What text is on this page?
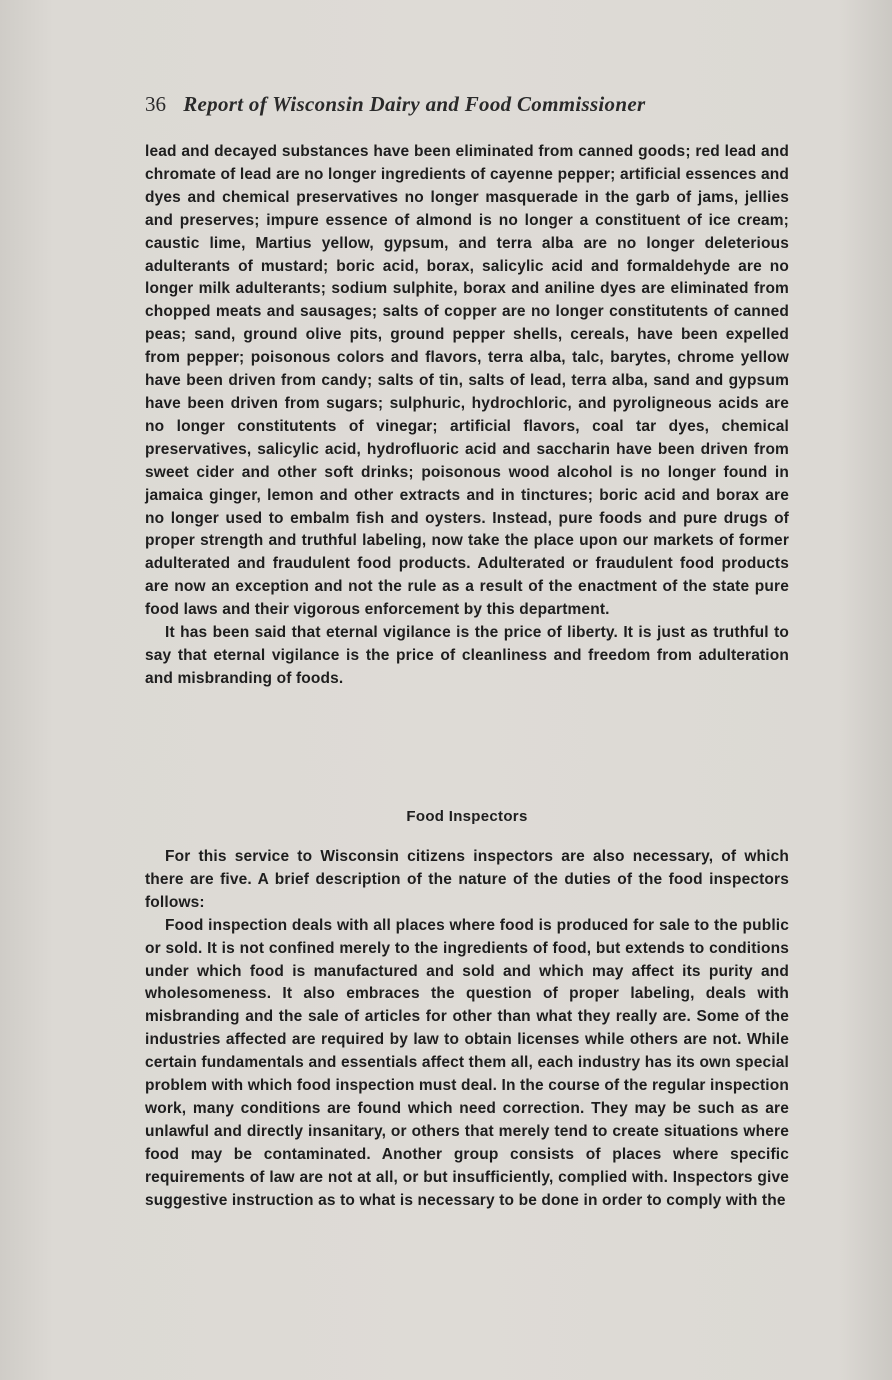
36 Report of Wisconsin Dairy and Food Commissioner

lead and decayed substances have been eliminated from canned goods; red lead and chromate of lead are no longer ingredients of cayenne pepper; artificial essences and dyes and chemical preservatives no longer masquerade in the garb of jams, jellies and preserves; impure essence of almond is no longer a constituent of ice cream; caustic lime, Martius yellow, gypsum, and terra alba are no longer deleterious adulterants of mustard; boric acid, borax, salicylic acid and formaldehyde are no longer milk adulterants; sodium sulphite, borax and aniline dyes are eliminated from chopped meats and sausages; salts of copper are no longer constitutents of canned peas; sand, ground olive pits, ground pepper shells, cereals, have been expelled from pepper; poisonous colors and flavors, terra alba, talc, barytes, chrome yellow have been driven from candy; salts of tin, salts of lead, terra alba, sand and gypsum have been driven from sugars; sulphuric, hydrochloric, and pyroligneous acids are no longer constitutents of vinegar; artificial flavors, coal tar dyes, chemical preservatives, salicylic acid, hydrofluoric acid and saccharin have been driven from sweet cider and other soft drinks; poisonous wood alcohol is no longer found in jamaica ginger, lemon and other extracts and in tinctures; boric acid and borax are no longer used to embalm fish and oysters. Instead, pure foods and pure drugs of proper strength and truthful labeling, now take the place upon our markets of former adulterated and fraudulent food products. Adulterated or fraudulent food products are now an exception and not the rule as a result of the enactment of the state pure food laws and their vigorous enforcement by this department.

It has been said that eternal vigilance is the price of liberty. It is just as truthful to say that eternal vigilance is the price of cleanliness and freedom from adulteration and misbranding of foods.

Food Inspectors

For this service to Wisconsin citizens inspectors are also necessary, of which there are five. A brief description of the nature of the duties of the food inspectors follows:

Food inspection deals with all places where food is produced for sale to the public or sold. It is not confined merely to the ingredients of food, but extends to conditions under which food is manufactured and sold and which may affect its purity and wholesomeness. It also embraces the question of proper labeling, deals with misbranding and the sale of articles for other than what they really are. Some of the industries affected are required by law to obtain licenses while others are not. While certain fundamentals and essentials affect them all, each industry has its own special problem with which food inspection must deal. In the course of the regular inspection work, many conditions are found which need correction. They may be such as are unlawful and directly insanitary, or others that merely tend to create situations where food may be contaminated. Another group consists of places where specific requirements of law are not at all, or but insufficiently, complied with. Inspectors give suggestive instruction as to what is necessary to be done in order to comply with the
